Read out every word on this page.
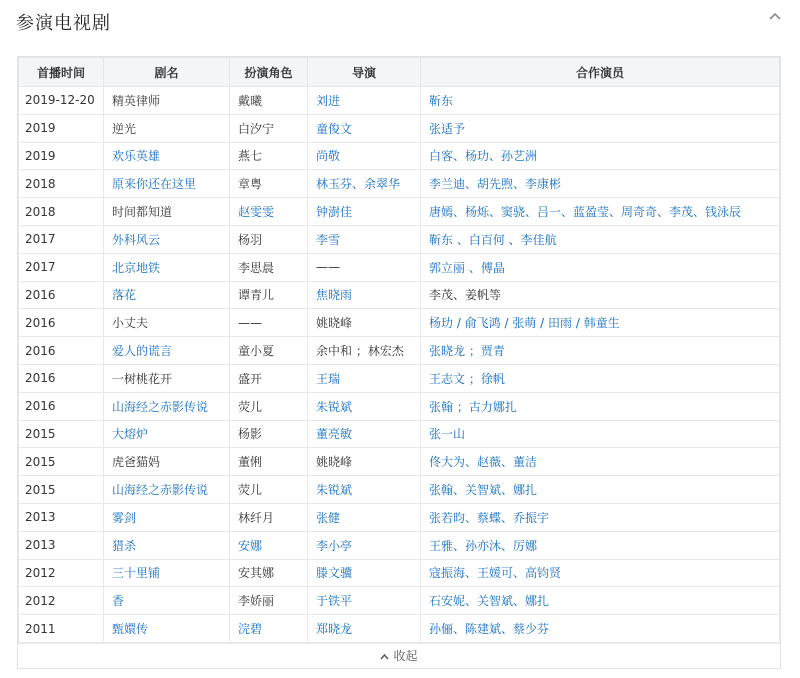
参演电视剧
首播时间	剧名	扮演角色	导演	合作演员
2019-12-20	精英律师	戴曦	刘进	靳东
2019	逆光	白汐宁	童俊文	张适予
2019	欢乐英雄	燕七	尚敬	白客、杨玏、孙艺洲
2018	原来你还在这里	章粤	林玉芬、余翠华	李兰迪、胡先煦、李康彬
2018	时间都知道	赵雯雯	钟澍佳	唐嫣、杨烁、窦骁、吕一、蓝盈莹、周奇奇、李茂、钱泳辰
2017	外科风云	杨羽	李雪	靳东 、白百何 、李佳航
2017	北京地铁	李思晨	——	郭立丽 、傅晶
2016	落花	谭青儿	焦晓雨	李茂、姜帆等
2016	小丈夫	——	姚晓峰	杨玏 / 俞飞鸿 / 张萌 / 田雨 / 韩童生
2016	爱人的谎言	童小夏	余中和 ；林宏杰	张晓龙 ；贾青
2016	一树桃花开	盛开	王瑞	王志文 ；徐帆
2016	山海经之赤影传说	荧儿	朱锐斌	张翰 ；古力娜扎
2015	大熔炉	杨影	董亮敏	张一山
2015	虎爸猫妈	董俐	姚晓峰	佟大为、赵薇、董洁
2015	山海经之赤影传说	荧儿	朱锐斌	张翰、关智斌、娜扎
2013	雾剑	林纤月	张健	张若昀、蔡蝶、乔振宇
2013	猎杀	安娜	李小亭	王雅、孙亦沐、厉娜
2012	三十里铺	安其娜	滕文骥	寇振海、王媛可、高钧贤
2012	香	李娇丽	于铁平	石安妮、关智斌、娜扎
2011	甄嬛传	浣碧	郑晓龙	孙俪、陈建斌、蔡少芬
收起
